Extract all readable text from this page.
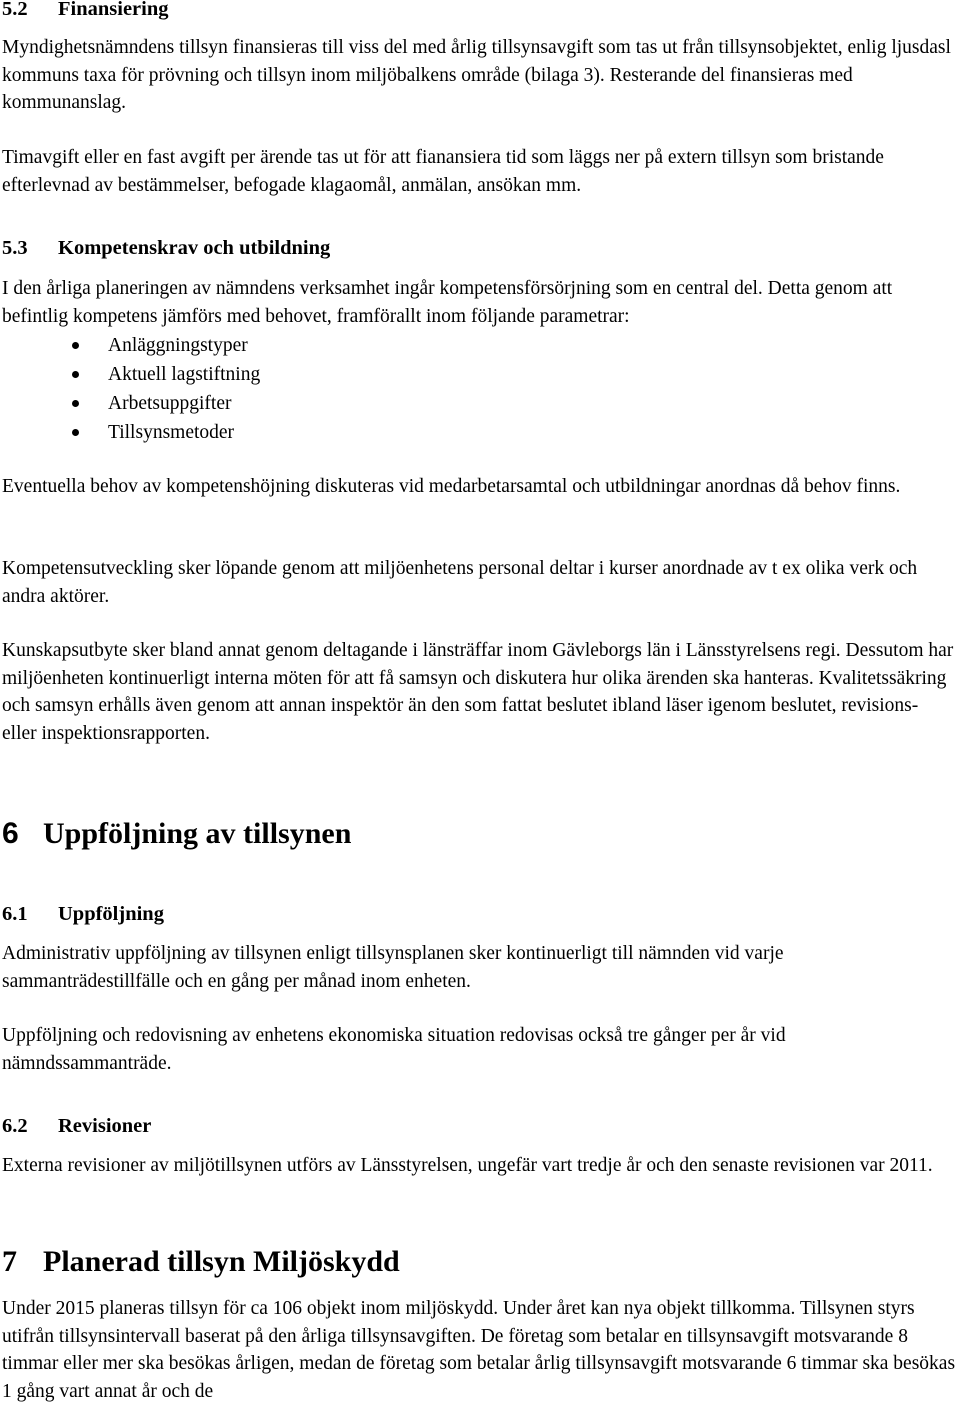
5.2 Finansiering

Myndighetsnämndens tillsyn finansieras till viss del med årlig tillsynsavgift som tas ut från tillsynsobjektet, enlig ljusdasl kommuns taxa för prövning och tillsyn inom miljöbalkens område (bilaga 3). Resterande del finansieras med kommunanslag.

Timavgift eller en fast avgift per ärende tas ut för att fianansiera tid som läggs ner på extern tillsyn som bristande efterlevnad av bestämmelser, befogade klagaomål, anmälan, ansökan mm.

5.3 Kompetenskrav och utbildning

I den årliga planeringen av nämndens verksamhet ingår kompetensförsörjning som en central del. Detta genom att befintlig kompetens jämförs med behovet, framförallt inom följande parametrar:

Anläggningstyper
Aktuell lagstiftning
Arbetsuppgifter
Tillsynsmetoder

Eventuella behov av kompetenshöjning diskuteras vid medarbetarsamtal och utbildningar anordnas då behov finns.

Kompetensutveckling sker löpande genom att miljöenhetens personal deltar i kurser anordnade av t ex olika verk och andra aktörer.

Kunskapsutbyte sker bland annat genom deltagande i länsträffar inom Gävleborgs län i Länsstyrelsens regi. Dessutom har miljöenheten kontinuerligt interna möten för att få samsyn och diskutera hur olika ärenden ska hanteras. Kvalitetssäkring och samsyn erhålls även genom att annan inspektör än den som fattat beslutet ibland läser igenom beslutet, revisions- eller inspektionsrapporten.

6 Uppföljning av tillsynen
6.1 Uppföljning

Administrativ uppföljning av tillsynen enligt tillsynsplanen sker kontinuerligt till nämnden vid varje sammanträdestillfälle och en gång per månad inom enheten.

Uppföljning och redovisning av enhetens ekonomiska situation redovisas också tre gånger per år vid nämndssammanträde.

6.2 Revisioner

Externa revisioner av miljötillsynen utförs av Länsstyrelsen, ungefär vart tredje år och den senaste revisionen var 2011.

7 Planerad tillsyn Miljöskydd

Under 2015 planeras tillsyn för ca 106 objekt inom miljöskydd. Under året kan nya objekt tillkomma. Tillsynen styrs utifrån tillsynsintervall baserat på den årliga tillsynsavgiften. De företag som betalar en tillsynsavgift motsvarande 8 timmar eller mer ska besökas årligen, medan de företag som betalar årlig tillsynsavgift motsvarande 6 timmar ska besökas 1 gång vart annat år och de
